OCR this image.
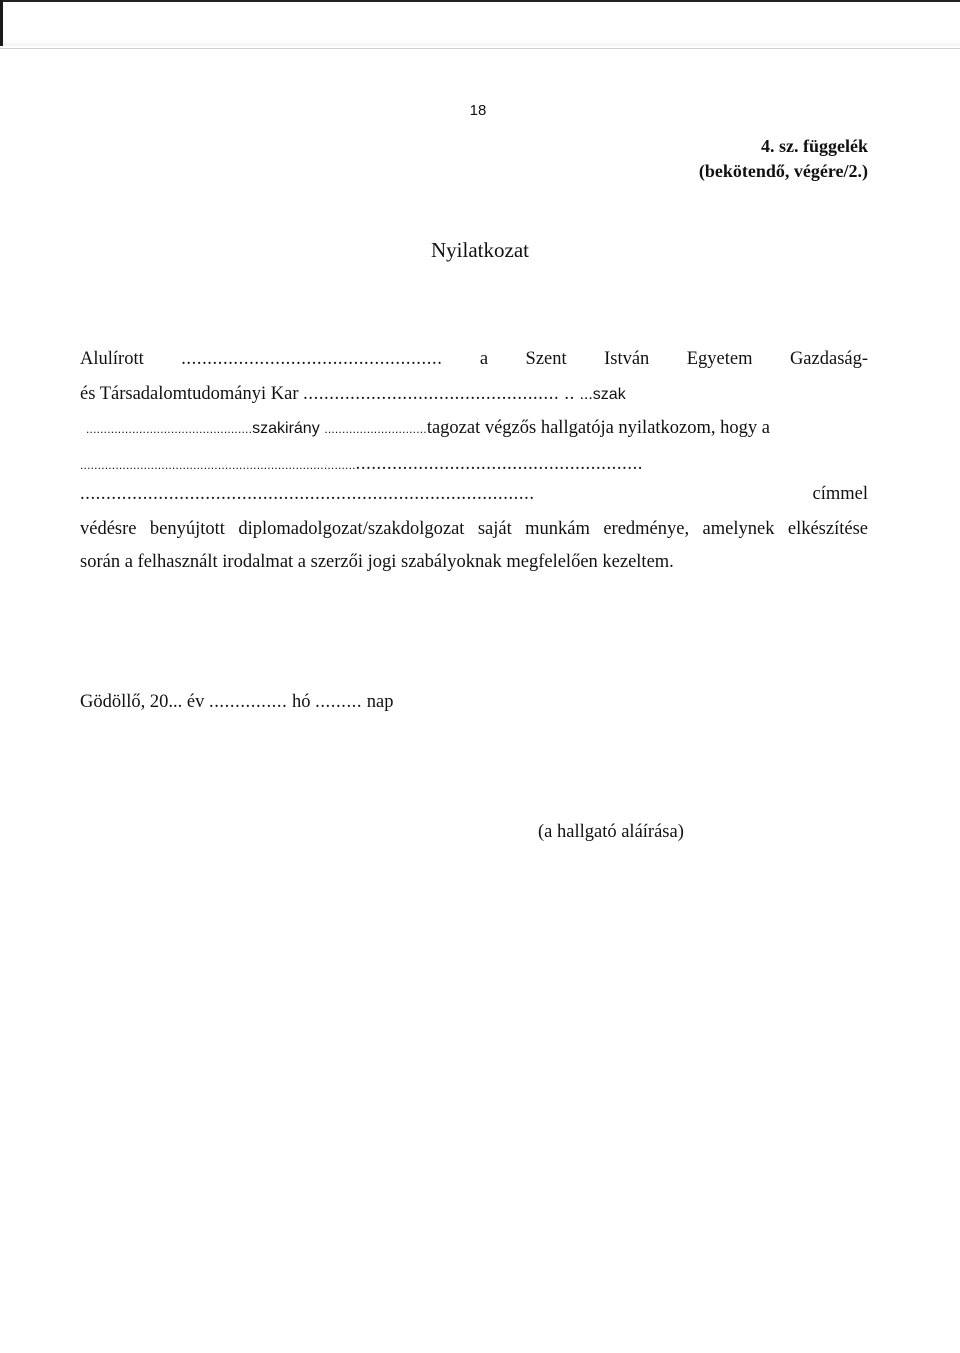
18
4. sz. függelék
(bekötendő, végére/2.)
Nyilatkozat
Alulírott .................................................. a Szent István Egyetem Gazdaság-
és Társadalomtudományi Kar ................................................. .. ...szak
...............................................szakirány .............................tagozat végzős hallgatója nyilatkozom, hogy a
.....................................................................................................................................
.......................................................................................	címmel
védésre benyújtott diplomadolgozat/szakdolgozat saját munkám eredménye, amelynek elkészítése
során a felhasznált irodalmat a szerzői jogi szabályoknak megfelelően kezeltem.
Gödöllő, 20... év ............... hó ......... nap
(a hallgató aláírása)
